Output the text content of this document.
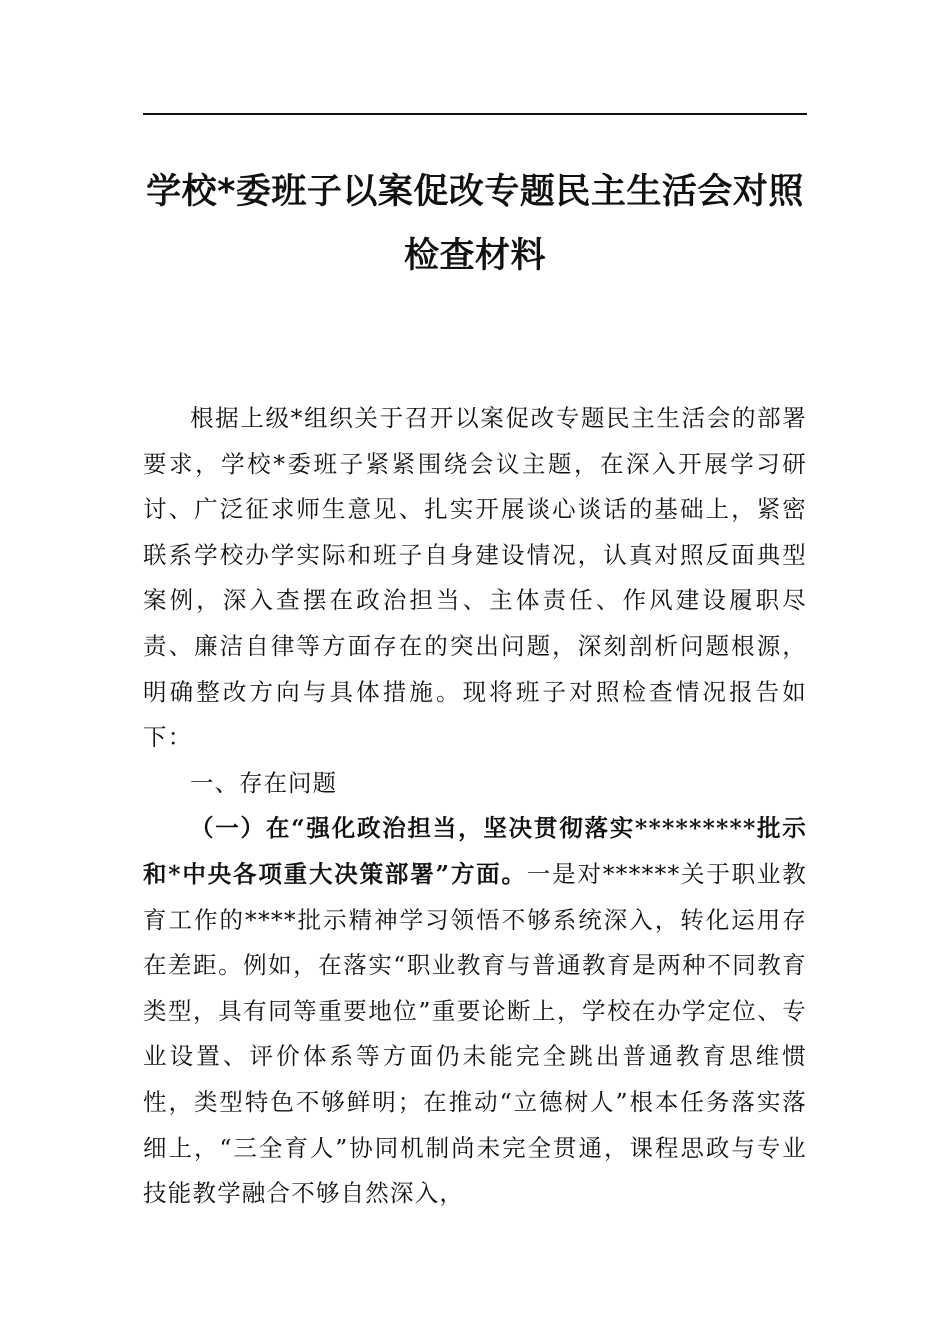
学校*委班子以案促改专题民主生活会对照
检查材料

根据上级*组织关于召开以案促改专题民主生活会的部署要求，学校*委班子紧紧围绕会议主题，在深入开展学习研讨、广泛征求师生意见、扎实开展谈心谈话的基础上，紧密联系学校办学实际和班子自身建设情况，认真对照反面典型案例，深入查摆在政治担当、主体责任、作风建设履职尽责、廉洁自律等方面存在的突出问题，深刻剖析问题根源，明确整改方向与具体措施。现将班子对照检查情况报告如下：

一、存在问题

（一）在“强化政治担当，坚决贯彻落实*********批示和*中央各项重大决策部署”方面。一是对******关于职业教育工作的****批示精神学习领悟不够系统深入，转化运用存在差距。例如，在落实“职业教育与普通教育是两种不同教育类型，具有同等重要地位”重要论断上，学校在办学定位、专业设置、评价体系等方面仍未能完全跳出普通教育思维惯性，类型特色不够鲜明；在推动“立德树人”根本任务落实落细上，“三全育人”协同机制尚未完全贯通，课程思政与专业技能教学融合不够自然深入，
